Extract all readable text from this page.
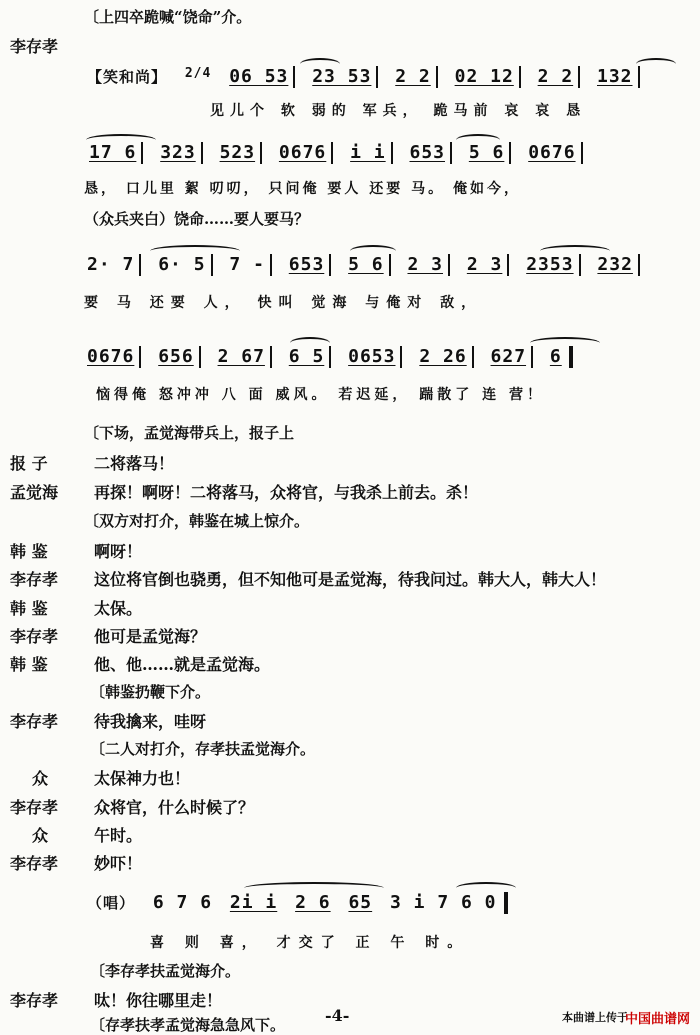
〔上四卒跪喊“饶命”介。
李存孝
【笑和尚】 2/4 06 53 23 53 2 2 02 12 2 2 132
见儿个 软 弱的 军兵， 跪马前 哀 哀 恳
17 6 323 523 0676 i i 653 5 6 0676
恳， 口儿里 絮 叨叨， 只问俺 要人 还要 马。 俺如今，
（众兵夹白）饶命……要人要马？
2· 7 6· 5 7 - 653 5 6 2 3 2 3 2353 232
要 马 还要 人， 快叫 觉海 与俺对 敌，
0676 656 2 67 6 5 0653 2 26 627 6
恼得俺 怒冲冲 八 面 威风。 若迟延， 踹散了 连 营！
〔下场，孟觉海带兵上，报子上
报 子	二将落马！
孟觉海	再探！啊呀！二将落马，众将官，与我杀上前去。杀！
〔双方对打介，韩鉴在城上惊介。
韩 鉴	啊呀！
李存孝	这位将官倒也骁勇，但不知他可是孟觉海，待我问过。韩大人，韩大人！
韩 鉴	太保。
李存孝	他可是孟觉海？
韩 鉴	他、他……就是孟觉海。
〔韩鉴扔鞭下介。
李存孝	待我擒来，哇呀
〔二人对打介，存孝扶孟觉海介。
众	太保神力也！
李存孝	众将官，什么时候了？
众	午时。
李存孝	妙吓！
（唱） 6 7 6 2i i 2 6 65 3 i 7 6 0
喜 则 喜， 才交了 正 午 时。
〔李存孝扶孟觉海介。
李存孝	呔！你往哪里走！
〔存孝扶孝孟觉海急急风下。 -4-	本曲谱上传于
中国曲谱网
